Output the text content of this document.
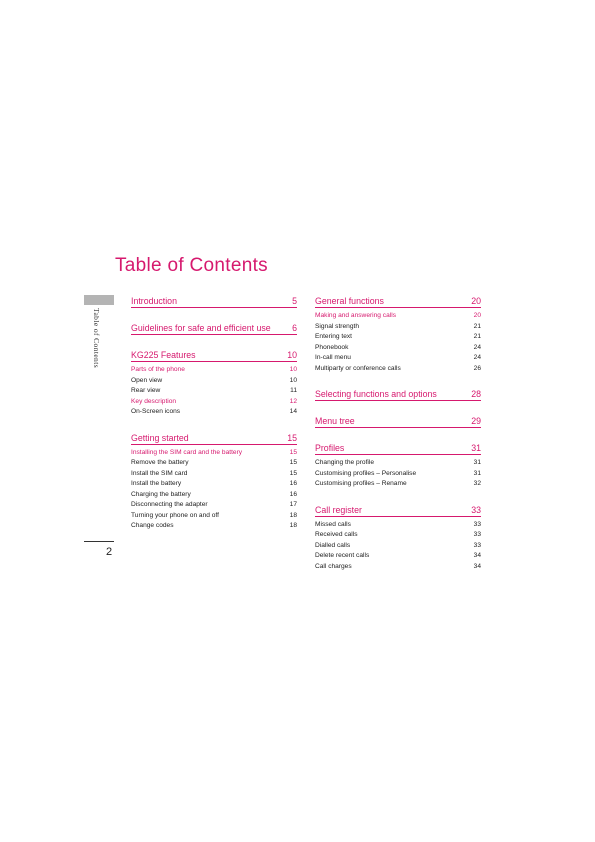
Table of Contents
Table of Contents
2
Introduction	5
Guidelines for safe and efficient use 6
KG225 Features	10
Parts of the phone	10
Open view	10
Rear view	11
Key description	12
On-Screen icons	14
Getting started	15
Installing the SIM card and the battery	15
Remove the battery	15
Install the SIM card	15
Install the battery	16
Charging the battery	16
Disconnecting the adapter	17
Turning your phone on and off	18
Change codes	18
General functions	20
Making and answering calls	20
Signal strength	21
Entering text	21
Phonebook	24
In-call menu	24
Multiparty or conference calls	26
Selecting functions and options	28
Menu tree	29
Profiles	31
Changing the profile	31
Customising profiles – Personalise	31
Customising profiles – Rename	32
Call register	33
Missed calls	33
Received calls	33
Dialled calls	33
Delete recent calls	34
Call charges	34
